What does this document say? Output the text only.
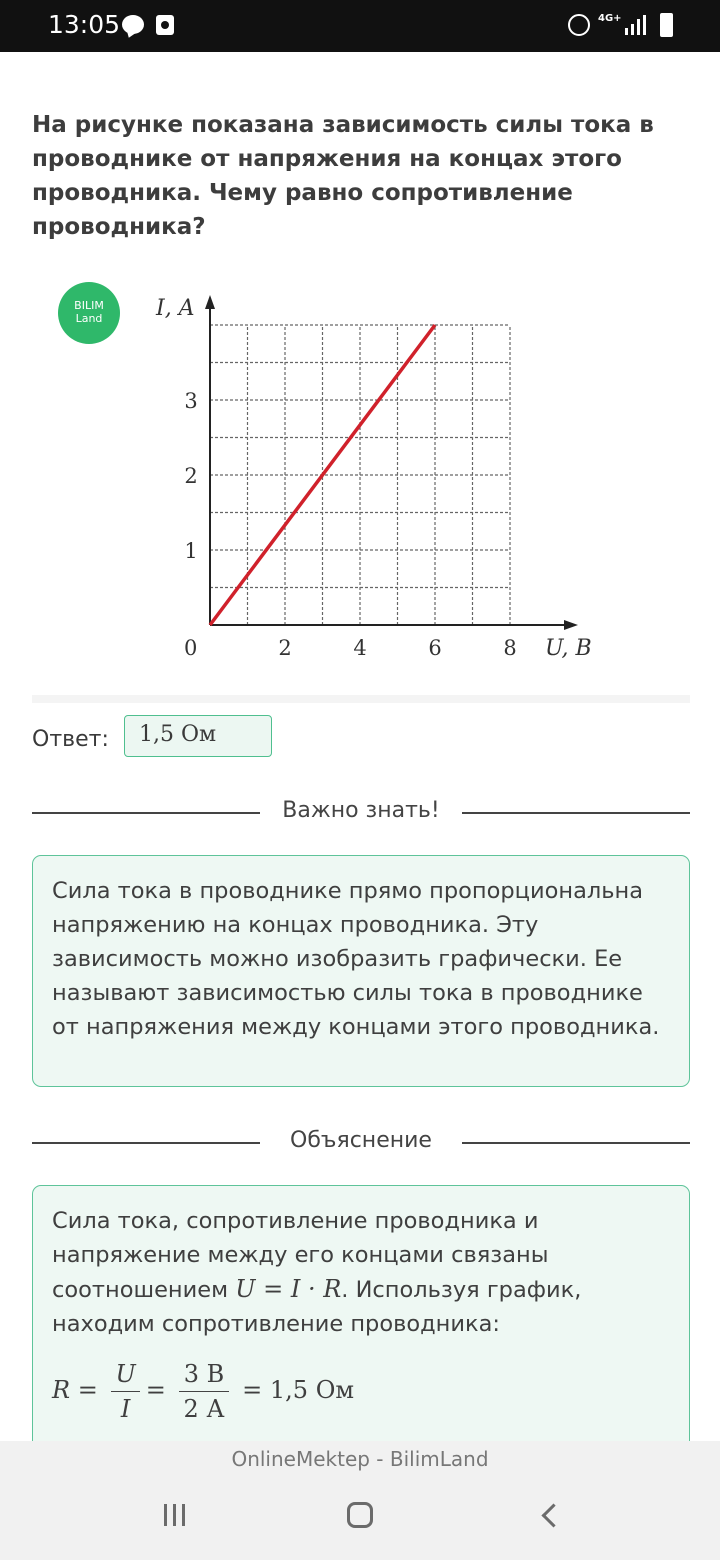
13:05	4G+
На рисунке показана зависимость силы тока в проводнике от напряжения на концах этого проводника. Чему равно сопротивление проводника?
BILIM
Land
2	4	6	8
1
2
3
I, A
U, В
0
Ответ:	1,5 Ом
Важно знать!
Сила тока в проводнике прямо пропорциональна напряжению на концах проводника. Эту зависимость можно изобразить графически. Ее называют зависимостью силы тока в проводнике от напряжения между концами этого проводника.
Объяснение
Сила тока, сопротивление проводника и напряжение между его концами связаны соотношением U = I · R. Используя график, находим сопротивление проводника:
$R = \frac{U}{I} = \frac{3 В}{2 А} = 1,5$ Ом
OnlineMektep - BilimLand
